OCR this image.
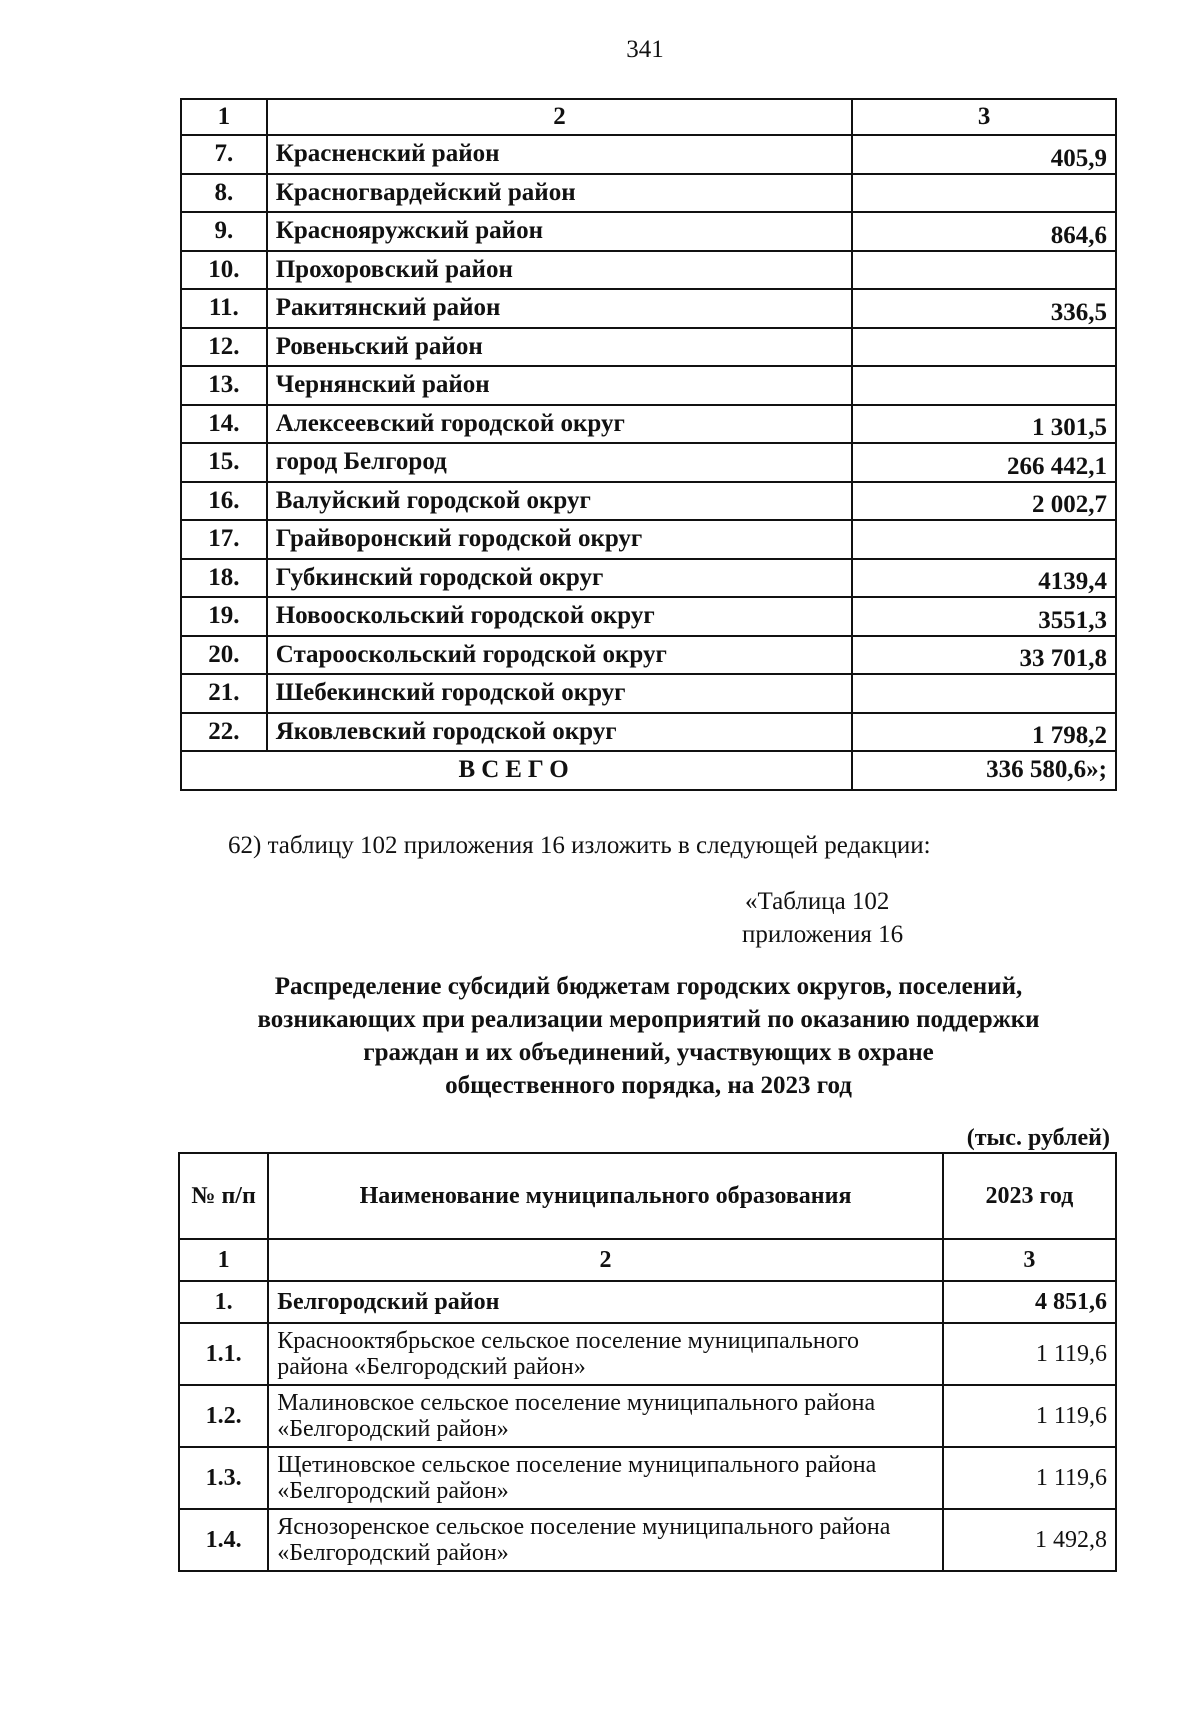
341
1	2	3
7.	Красненский район	405,9
8.	Красногвардейский район	
9.	Краснояружский район	864,6
10.	Прохоровский район	
11.	Ракитянский район	336,5
12.	Ровеньский район	
13.	Чернянский район	
14.	Алексеевский городской округ	1 301,5
15.	город Белгород	266 442,1
16.	Валуйский городской округ	2 002,7
17.	Грайворонский городской округ	
18.	Губкинский городской округ	4139,4
19.	Новооскольский городской округ	3551,3
20.	Старооскольский городской округ	33 701,8
21.	Шебекинский городской округ	
22.	Яковлевский городской округ	1 798,2
ВСЕГО		336 580,6»;
62) таблицу 102 приложения 16 изложить в следующей редакции:
«Таблица 102
приложения 16
Распределение субсидий бюджетам городских округов, поселений,
возникающих при реализации мероприятий по оказанию поддержки
граждан и их объединений, участвующих в охране
общественного порядка, на 2023 год
(тыс. рублей)
№ п/п	Наименование муниципального образования	2023 год
1	2	3
1.	Белгородский район	4 851,6
1.1.	Краснооктябрьское сельское поселение муниципального района «Белгородский район»	1 119,6
1.2.	Малиновское сельское поселение муниципального района «Белгородский район»	1 119,6
1.3.	Щетиновское сельское поселение муниципального района «Белгородский район»	1 119,6
1.4.	Яснозоренское сельское поселение муниципального района «Белгородский район»	1 492,8
